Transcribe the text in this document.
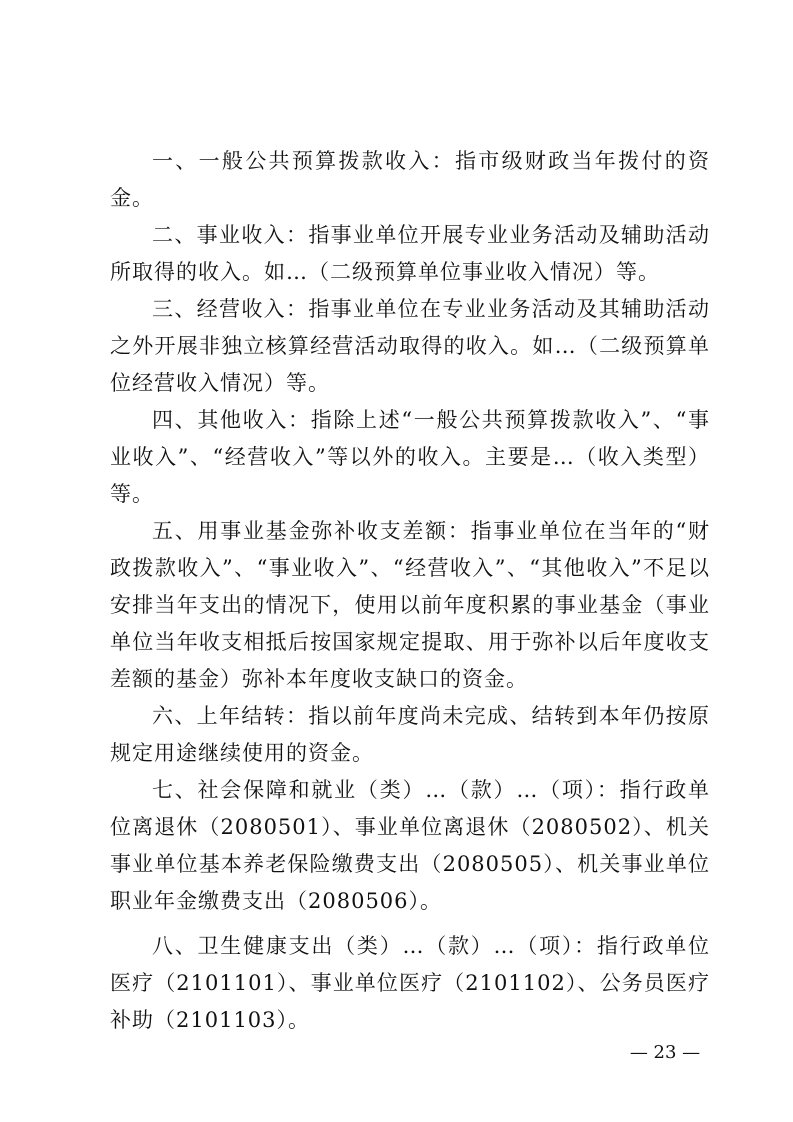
一、一般公共预算拨款收入：指市级财政当年拨付的资金。

二、事业收入：指事业单位开展专业业务活动及辅助活动所取得的收入。如…（二级预算单位事业收入情况）等。

三、经营收入：指事业单位在专业业务活动及其辅助活动之外开展非独立核算经营活动取得的收入。如…（二级预算单位经营收入情况）等。

四、其他收入：指除上述“一般公共预算拨款收入”、“事业收入”、“经营收入”等以外的收入。主要是…（收入类型）等。

五、用事业基金弥补收支差额：指事业单位在当年的“财政拨款收入”、“事业收入”、“经营收入”、“其他收入”不足以安排当年支出的情况下，使用以前年度积累的事业基金（事业单位当年收支相抵后按国家规定提取、用于弥补以后年度收支差额的基金）弥补本年度收支缺口的资金。

六、上年结转：指以前年度尚未完成、结转到本年仍按原规定用途继续使用的资金。

七、社会保障和就业（类）…（款）…（项）：指行政单位离退休（2080501）、事业单位离退休（2080502）、机关事业单位基本养老保险缴费支出（2080505）、机关事业单位职业年金缴费支出（2080506）。

八、卫生健康支出（类）…（款）…（项）：指行政单位医疗（2101101）、事业单位医疗（2101102）、公务员医疗补助（2101103）。

— 23 —
